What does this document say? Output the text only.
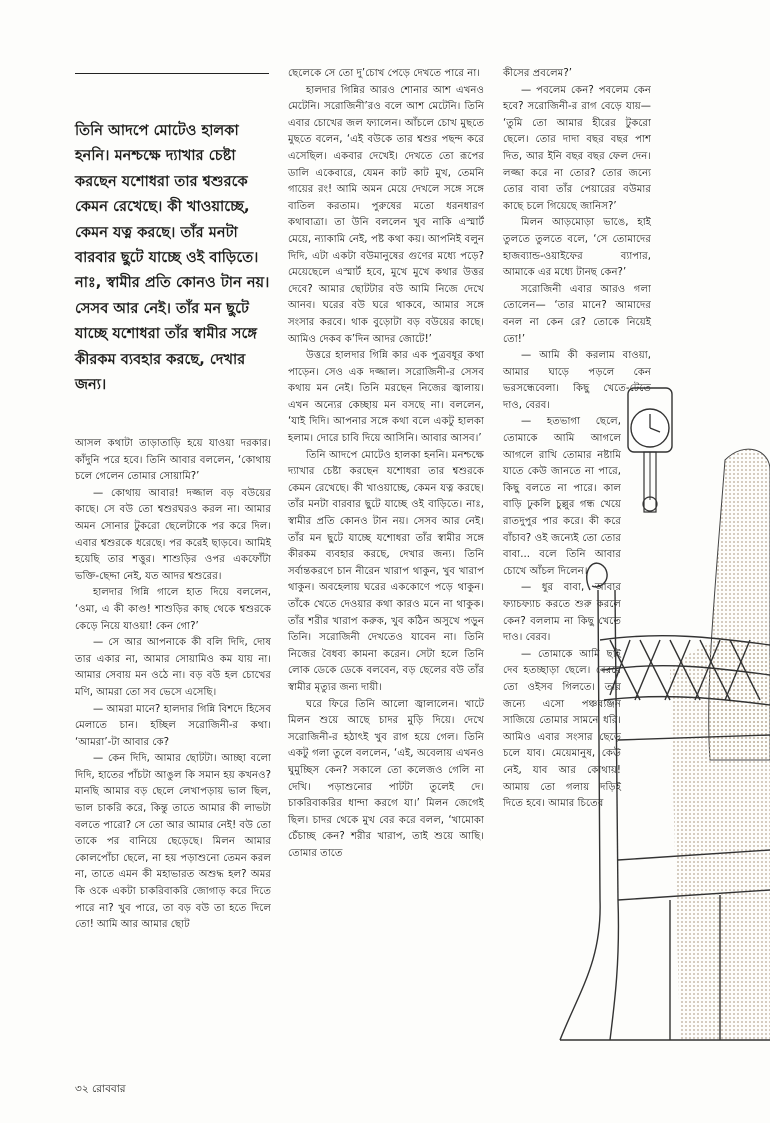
তিনি আদপে মোটেও হালকা হননি। মনশ্চক্ষে দ্যাখার চেষ্টা করছেন যশোধরা তার শ্বশুরকে কেমন রেখেছে। কী খাওয়াচ্ছে, কেমন যত্ন করছে। তাঁর মনটা বারবার ছুটে যাচ্ছে ওই বাড়িতে। নাঃ, স্বামীর প্রতি কোনও টান নয়। সেসব আর নেই। তাঁর মন ছুটে যাচ্ছে যশোধরা তাঁর স্বামীর সঙ্গে কীরকম ব্যবহার করছে, দেখার জন্য।

আসল কথাটা তাড়াতাড়ি হয়ে যাওয়া দরকার। কাঁদুনি পরে হবে। তিনি আবার বললেন, ‘কোথায় চলে গেলেন তোমার সোয়ামি?’

— কোথায় আবার! দজ্জাল বড় বউয়ের কাছে। সে বউ তো শ্বশুরঘরও করল না। আমার অমন সোনার টুকরো ছেলেটাকে পর করে দিল। এবার শ্বশুরকে ধরেছে। পর করেই ছাড়বে। আমিই হয়েছি তার শত্তুর। শাশুড়ির ওপর একফোঁটা ভক্তি-ছেদ্দা নেই, যত আদর শ্বশুরের।

হালদার গিন্নি গালে হাত দিয়ে বললেন, ‘ওমা, এ কী কাণ্ড! শাশুড়ির কাছ থেকে শ্বশুরকে কেড়ে নিয়ে যাওয়া! কেন গো?’

— সে আর আপনাকে কী বলি দিদি, দোষ তার একার না, আমার সোয়ামিও কম যায় না। আমার সেবায় মন ওঠে না। বড় বউ হল চোখের মণি, আমরা তো সব ভেসে এসেছি।

— আমরা মানে? হালদার গিন্নি বিশদে হিসেব মেলাতে চান। হচ্ছিল সরোজিনী-র কথা। ‘আমরা’-টা আবার কে?

— কেন দিদি, আমার ছোটটা। আচ্ছা বলো দিদি, হাতের পাঁচটা আঙুল কি সমান হয় কখনও? মানছি আমার বড় ছেলে লেখাপড়ায় ভাল ছিল, ভাল চাকরি করে, কিন্তু তাতে আমার কী লাভটা বলতে পারো? সে তো আর আমার নেই! বউ তো তাকে পর বানিয়ে ছেড়েছে। মিলন আমার কোলপোঁচা ছেলে, না হয় পড়াশুনো তেমন করল না, তাতে এমন কী মহাভারত অশুদ্ধ হল? অমর কি ওকে একটা চাকরিবাকরি জোগাড় করে দিতে পারে না? খুব পারে, তা বড় বউ তা হতে দিলে তো! আমি আর আমার ছোট

ছেলেকে সে তো দু’চোখ পেড়ে দেখতে পারে না।

হালদার গিন্নির আরও শোনার আশ এখনও মেটেনি। সরোজিনী’রও বলে আশ মেটেনি। তিনি এবার চোখের জল ফ্যালেন। আঁচলে চোখ মুছতে মুছতে বলেন, ‘এই বউকে তার শ্বশুর পছন্দ করে এসেছিল। একবার দেখেই। দেখতে তো রূপের ডালি একেবারে, যেমন কাট কাট মুখ, তেমনি গায়ের রং! আমি অমন মেয়ে দেখলে সঙ্গে সঙ্গে বাতিল করতাম। পুরুষের মতো ধরনধারণ কথাবাত্রা। তা উনি বললেন খুব নাকি এস্মার্ট মেয়ে, ন্যাকামি নেই, পষ্ট কথা কয়। আপনিই বলুন দিদি, এটা একটা বউমানুষের গুণের মধ্যে পড়ে? মেয়েছেলে এস্মার্ট হবে, মুখে মুখে কথার উত্তর দেবে? আমার ছোটটার বউ আমি নিজে দেখে আনব। ঘরের বউ ঘরে থাকবে, আমার সঙ্গে সংসার করবে। থাক বুড়োটা বড় বউয়ের কাছে। আমিও দেকব ক’দিন আদর জোটে!’

উত্তরে হালদার গিন্নি কার এক পুত্রবধূর কথা পাড়েন। সেও এক দজ্জাল। সরোজিনী-র সেসব কথায় মন নেই। তিনি মরছেন নিজের জ্বালায়। এখন অন্যের কেচ্ছায় মন বসছে না। বললেন, ‘যাই দিদি। আপনার সঙ্গে কথা বলে একটু হালকা হলাম। দোরে চাবি দিয়ে আসিনি। আবার আসব।’

তিনি আদপে মোটেও হালকা হননি। মনশ্চক্ষে দ্যাখার চেষ্টা করছেন যশোধরা তার শ্বশুরকে কেমন রেখেছে। কী খাওয়াচ্ছে, কেমন যত্ন করছে। তাঁর মনটা বারবার ছুটে যাচ্ছে ওই বাড়িতে। নাঃ, স্বামীর প্রতি কোনও টান নয়। সেসব আর নেই। তাঁর মন ছুটে যাচ্ছে যশোধরা তাঁর স্বামীর সঙ্গে কীরকম ব্যবহার করছে, দেখার জন্য। তিনি সর্বান্তকরণে চান নীরেন খারাপ থাকুন, খুব খারাপ থাকুন। অবহেলায় ঘরের এককোণে পড়ে থাকুন। তাঁকে খেতে দেওয়ার কথা কারও মনে না থাকুক। তাঁর শরীর খারাপ করুক, খুব কঠিন অসুখে পড়ুন তিনি। সরোজিনী দেখতেও যাবেন না। তিনি নিজের বৈধব্য কামনা করেন। সেটা হলে তিনি লোক ডেকে ডেকে বলবেন, বড় ছেলের বউ তাঁর স্বামীর মৃত্যুর জন্য দায়ী।

ঘরে ফিরে তিনি আলো জ্বালালেন। খাটে মিলন শুয়ে আছে চাদর মুড়ি দিয়ে। দেখে সরোজিনী-র হঠাৎই খুব রাগ হয়ে গেল। তিনি একটু গলা তুলে বললেন, ‘এই, অবেলায় এখনও ঘুমুচ্ছিস কেন? সকালে তো কলেজও গেলি না দেখি। পড়াশুনোর পাটটা তুলেই দে। চাকরিবাকরির ধান্দা করগে যা।’ মিলন জেগেই ছিল। চাদর থেকে মুখ বের করে বলল, ‘খামোকা চেঁচাচ্ছ কেন? শরীর খারাপ, তাই শুয়ে আছি। তোমার তাতে

কীসের প্রবলেম?’

— পবলেম কেন? পবলেম কেন হবে? সরোজিনী-র রাগ বেড়ে যায়— ‘তুমি তো আমার হীরের টুকরো ছেলে। তোর দাদা বছর বছর পাশ দিত, আর ইনি বছর বছর ফেল দেন। লজ্জা করে না তোর? তোর জন্যে তোর বাবা তাঁর পেয়ারের বউমার কাছে চলে গিয়েছে জানিস?’

মিলন আড়মোড়া ভাঙে, হাই তুলতে তুলতে বলে, ‘সে তোমাদের হাজব্যান্ড-ওয়াইফের ব্যাপার, আমাকে এর মধ্যে টানছ কেন?’

সরোজিনী এবার আরও গলা তোলেন— ‘তার মানে? আমাদের বনল না কেন রে? তোকে নিয়েই তো!’

— আমি কী করলাম বাওয়া, আমার ঘাড়ে পড়লে কেন ভরসন্ধেবেলা। কিছু খেতে-টেতে দাও, বেরব।

— হতভাগা ছেলে, তোমাকে আমি আগলে আগলে রাখি তোমার নষ্টামি যাতে কেউ জানতে না পারে, কিছু বলতে না পারে। কাল বাড়ি ঢুকলি চুল্লুর গন্ধ খেয়ে রাতদুপুর পার করে। কী করে বাঁচাব? ওই জন্যেই তো তোর বাবা... বলে তিনি আবার চোখে আঁচল দিলেন।

— ধুর বাবা, আবার ফ্যাচফ্যাচ করতে শুরু করলে কেন? বললাম না কিছু খেতে দাও। বেরব।

— তোমাকে আমি ছাই দেব হতচ্ছাড়া ছেলে। বেরবে তো ওইসব গিলতে। তার জন্যে এসো পঞ্চব্যঞ্জন সাজিয়ে তোমার সামনে ধরি। আমিও এবার সংসার ছেড়ে চলে যাব। মেয়েমানুষ, কেউ নেই, যাব আর কোথায়! আমায় তো গলায় দড়িই দিতে হবে। আমার চিতের

৩২ রোববার
